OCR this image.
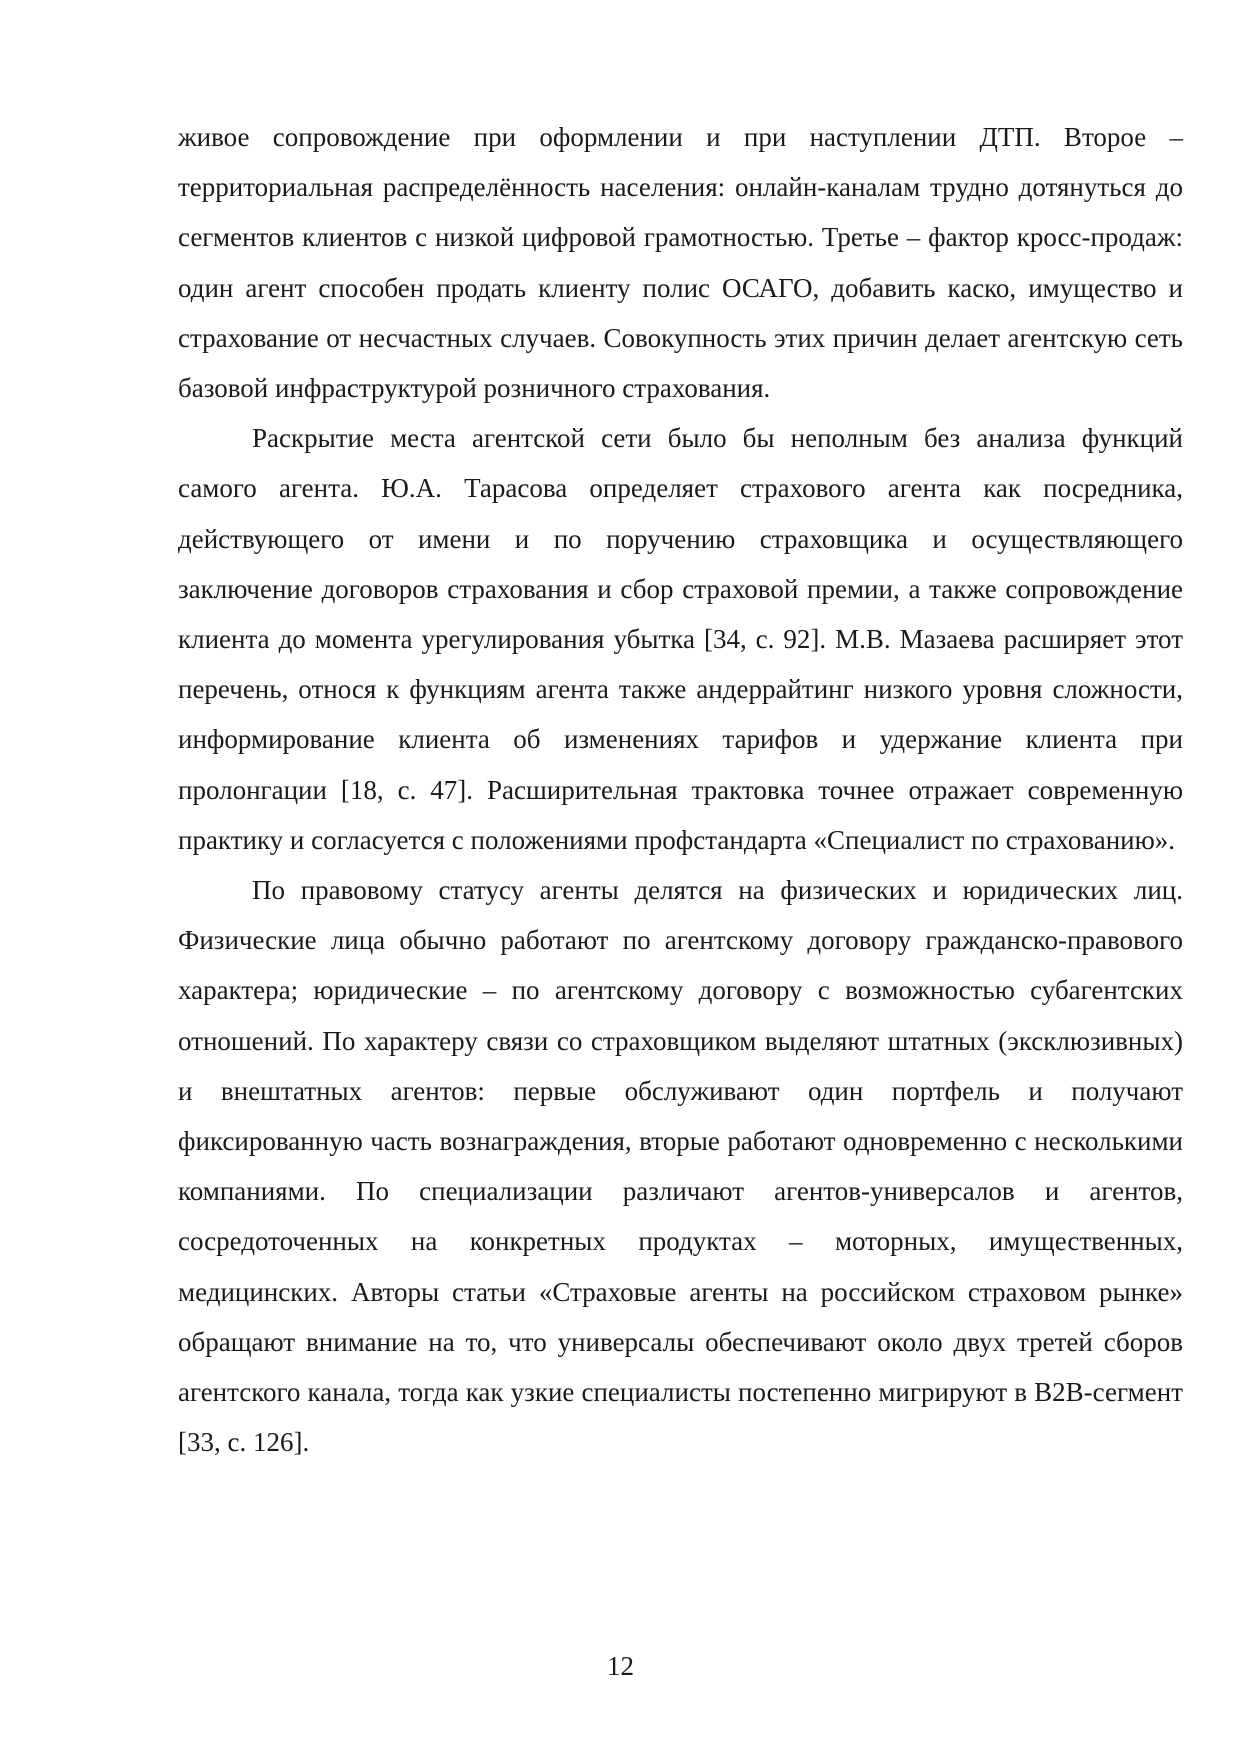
живое сопровождение при оформлении и при наступлении ДТП. Второе – территориальная распределённость населения: онлайн-каналам трудно дотянуться до сегментов клиентов с низкой цифровой грамотностью. Третье – фактор кросс-продаж: один агент способен продать клиенту полис ОСАГО, добавить каско, имущество и страхование от несчастных случаев. Совокупность этих причин делает агентскую сеть базовой инфраструктурой розничного страхования.

Раскрытие места агентской сети было бы неполным без анализа функций самого агента. Ю.А. Тарасова определяет страхового агента как посредника, действующего от имени и по поручению страховщика и осуществляющего заключение договоров страхования и сбор страховой премии, а также сопровождение клиента до момента урегулирования убытка [34, с. 92]. М.В. Мазаева расширяет этот перечень, относя к функциям агента также андеррайтинг низкого уровня сложности, информирование клиента об изменениях тарифов и удержание клиента при пролонгации [18, с. 47]. Расширительная трактовка точнее отражает современную практику и согласуется с положениями профстандарта «Специалист по страхованию».

По правовому статусу агенты делятся на физических и юридических лиц. Физические лица обычно работают по агентскому договору гражданско-правового характера; юридические – по агентскому договору с возможностью субагентских отношений. По характеру связи со страховщиком выделяют штатных (эксклюзивных) и внештатных агентов: первые обслуживают один портфель и получают фиксированную часть вознаграждения, вторые работают одновременно с несколькими компаниями. По специализации различают агентов-универсалов и агентов, сосредоточенных на конкретных продуктах – моторных, имущественных, медицинских. Авторы статьи «Страховые агенты на российском страховом рынке» обращают внимание на то, что универсалы обеспечивают около двух третей сборов агентского канала, тогда как узкие специалисты постепенно мигрируют в B2B-сегмент [33, с. 126].

12
